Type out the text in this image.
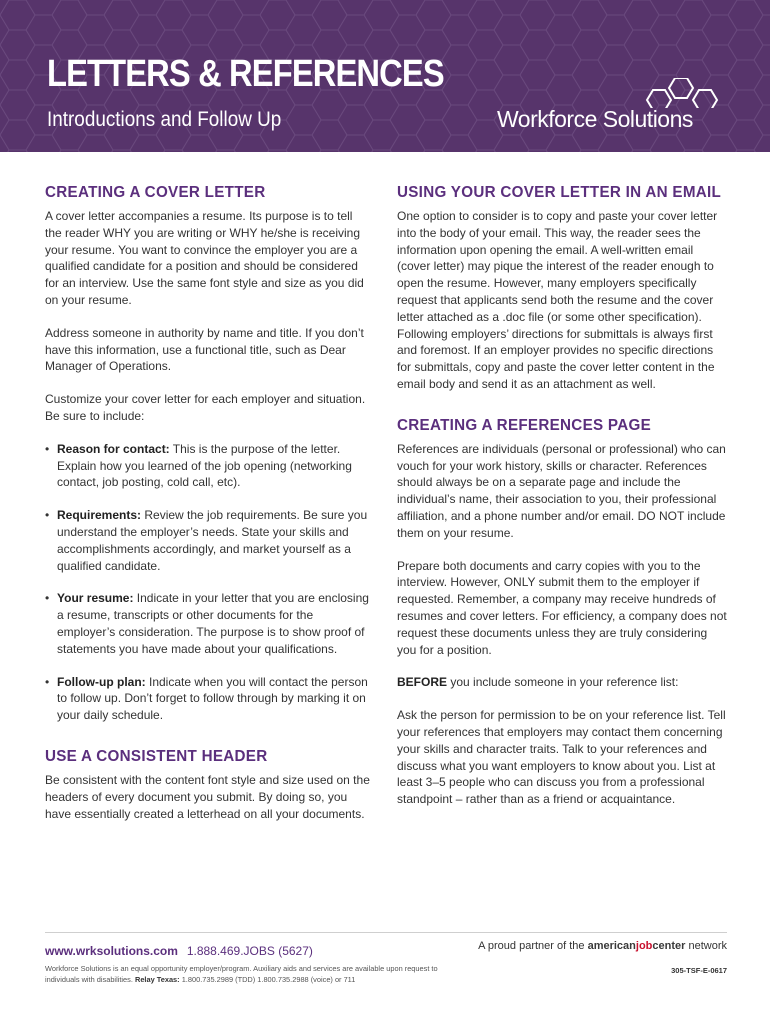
LETTERS & REFERENCES
Introductions and Follow Up	Workforce Solutions
CREATING A COVER LETTER

A cover letter accompanies a resume. Its purpose is to tell the reader WHY you are writing or WHY he/she is receiving your resume. You want to convince the employer you are a qualified candidate for a position and should be considered for an interview. Use the same font style and size as you did on your resume.

Address someone in authority by name and title. If you don’t have this information, use a functional title, such as Dear Manager of Operations.

Customize your cover letter for each employer and situation. Be sure to include:

• Reason for contact: This is the purpose of the letter. Explain how you learned of the job opening (networking contact, job posting, cold call, etc).
• Requirements: Review the job requirements. Be sure you understand the employer’s needs. State your skills and accomplishments accordingly, and market yourself as a qualified candidate.
• Your resume: Indicate in your letter that you are enclosing a resume, transcripts or other documents for the employer’s consideration. The purpose is to show proof of statements you have made about your qualifications.
• Follow-up plan: Indicate when you will contact the person to follow up. Don’t forget to follow through by marking it on your daily schedule.
USE A CONSISTENT HEADER

Be consistent with the content font style and size used on the headers of every document you submit. By doing so, you have essentially created a letterhead on all your documents.

USING YOUR COVER LETTER IN AN EMAIL

One option to consider is to copy and paste your cover letter into the body of your email. This way, the reader sees the information upon opening the email. A well-written email (cover letter) may pique the interest of the reader enough to open the resume. However, many employers specifically request that applicants send both the resume and the cover letter attached as a .doc file (or some other specification). Following employers’ directions for submittals is always first and foremost. If an employer provides no specific directions for submittals, copy and paste the cover letter content in the email body and send it as an attachment as well.

CREATING A REFERENCES PAGE

References are individuals (personal or professional) who can vouch for your work history, skills or character. References should always be on a separate page and include the individual’s name, their association to you, their professional affiliation, and a phone number and/or email. DO NOT include them on your resume.

Prepare both documents and carry copies with you to the interview. However, ONLY submit them to the employer if requested. Remember, a company may receive hundreds of resumes and cover letters. For efficiency, a company does not request these documents unless they are truly considering you for a position.

BEFORE you include someone in your reference list:

Ask the person for permission to be on your reference list. Tell your references that employers may contact them concerning your skills and character traits. Talk to your references and discuss what you want employers to know about you. List at least 3–5 people who can discuss you from a professional standpoint – rather than as a friend or acquaintance.

www.wrksolutions.com 1.888.469.JOBS (5627)
Workforce Solutions is an equal opportunity employer/program. Auxiliary aids and services are available upon request to individuals with disabilities. Relay Texas: 1.800.735.2989 (TDD) 1.800.735.2988 (voice) or 711
A proud partner of the americanjobcenter network
305-TSF-E-0617
